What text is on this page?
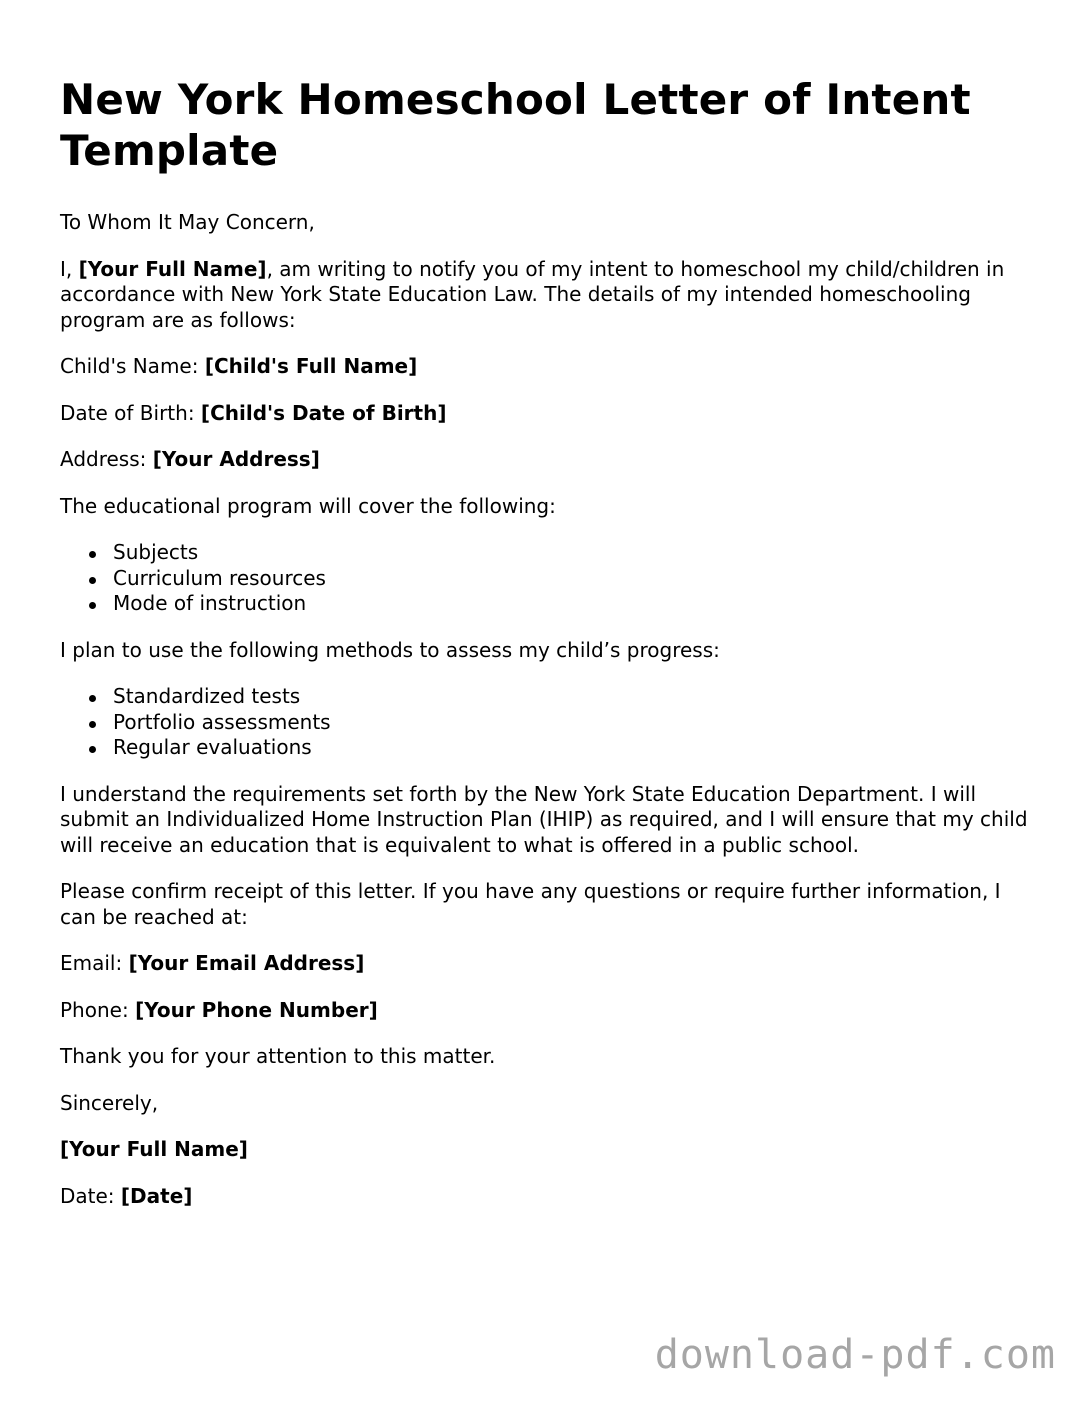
New York Homeschool Letter of Intent Template

To Whom It May Concern,

I, [Your Full Name], am writing to notify you of my intent to homeschool my child/children in accordance with New York State Education Law. The details of my intended homeschooling program are as follows:

Child's Name: [Child's Full Name]

Date of Birth: [Child's Date of Birth]

Address: [Your Address]

The educational program will cover the following:

Subjects
Curriculum resources
Mode of instruction

I plan to use the following methods to assess my child’s progress:

Standardized tests
Portfolio assessments
Regular evaluations

I understand the requirements set forth by the New York State Education Department. I will submit an Individualized Home Instruction Plan (IHIP) as required, and I will ensure that my child will receive an education that is equivalent to what is offered in a public school.

Please confirm receipt of this letter. If you have any questions or require further information, I can be reached at:

Email: [Your Email Address]

Phone: [Your Phone Number]

Thank you for your attention to this matter.

Sincerely,

[Your Full Name]

Date: [Date]

download-pdf.com
